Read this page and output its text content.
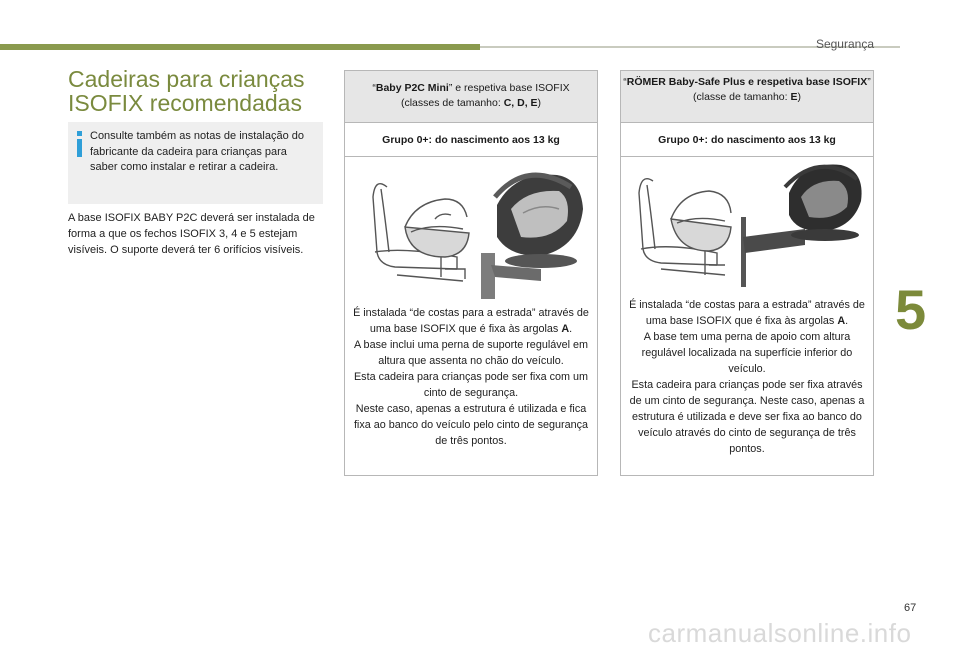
Segurança
5
Cadeiras para crianças
ISOFIX recomendadas
Consulte também as notas de instalação do fabricante da cadeira para crianças para saber como instalar e retirar a cadeira.

A base ISOFIX BABY P2C deverá ser instalada de forma a que os fechos ISOFIX 3, 4 e 5 estejam visíveis. O suporte deverá ter 6 orifícios visíveis.

“Baby P2C Mini” e respetiva base ISOFIX
(classes de tamanho: C, D, E)
Grupo 0+: do nascimento aos 13 kg
É instalada “de costas para a estrada” através de uma base ISOFIX que é fixa às argolas A.
A base inclui uma perna de suporte regulável em altura que assenta no chão do veículo.
Esta cadeira para crianças pode ser fixa com um cinto de segurança.
Neste caso, apenas a estrutura é utilizada e fica fixa ao banco do veículo pelo cinto de segurança de três pontos.
“RÖMER Baby-Safe Plus e respetiva base ISOFIX”
(classe de tamanho: E)
Grupo 0+: do nascimento aos 13 kg
É instalada “de costas para a estrada” através de uma base ISOFIX que é fixa às argolas A.
A base tem uma perna de apoio com altura regulável localizada na superfície inferior do veículo.
Esta cadeira para crianças pode ser fixa através de um cinto de segurança. Neste caso, apenas a estrutura é utilizada e deve ser fixa ao banco do veículo através do cinto de segurança de três pontos.
67
carmanualsonline.info
